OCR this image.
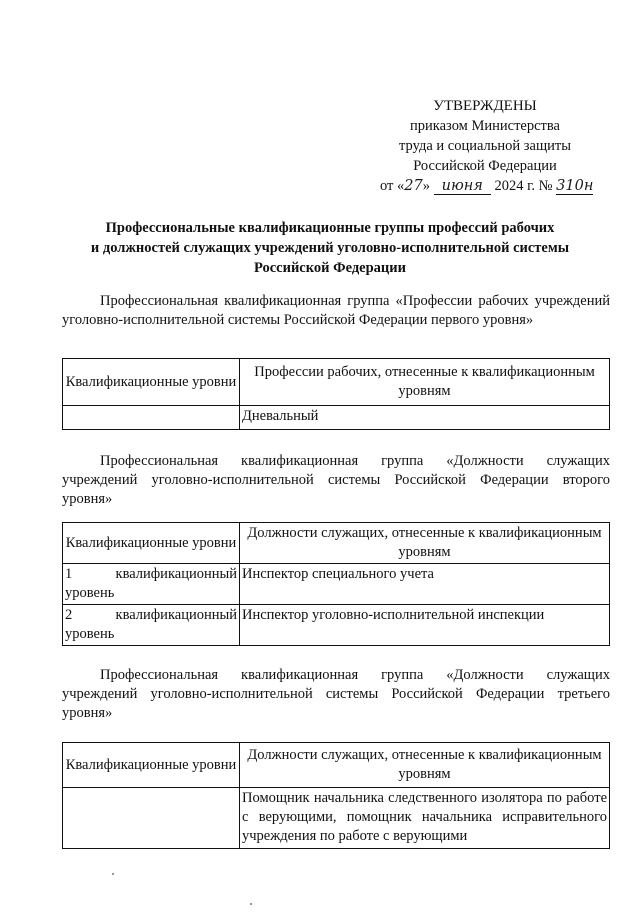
УТВЕРЖДЕНЫ
приказом Министерства
труда и социальной защиты
Российской Федерации
от «27» июня 2024 г. № 310н
Профессиональные квалификационные группы профессий рабочих
и должностей служащих учреждений уголовно-исполнительной системы
Российской Федерации
Профессиональная квалификационная группа «Профессии рабочих учреждений уголовно-исполнительной системы Российской Федерации первого уровня»
Квалификационные уровни	Профессии рабочих, отнесенные к квалификационным уровням
	Дневальный
Профессиональная квалификационная группа «Должности служащих учреждений уголовно-исполнительной системы Российской Федерации второго уровня»
Квалификационные уровни	Должности служащих, отнесенные к квалификационным уровням
1 квалификационный уровень	Инспектор специального учета
2 квалификационный уровень	Инспектор уголовно-исполнительной инспекции
Профессиональная квалификационная группа «Должности служащих учреждений уголовно-исполнительной системы Российской Федерации третьего уровня»
Квалификационные уровни	Должности служащих, отнесенные к квалификационным уровням
	Помощник начальника следственного изолятора по работе с верующими, помощник начальника исправительного учреждения по работе с верующими
